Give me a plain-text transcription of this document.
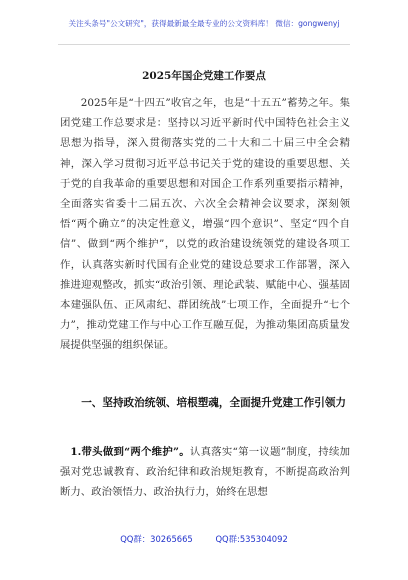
关注头条号"公文研究"，获得最新最全最专业的公文资料库！ 微信：gongwenyj
2025年国企党建工作要点
2025年是“十四五”收官之年，也是“十五五”蓄势之年。集团党建工作总要求是：坚持以习近平新时代中国特色社会主义思想为指导，深入贯彻落实党的二十大和二十届三中全会精神，深入学习贯彻习近平总书记关于党的建设的重要思想、关于党的自我革命的重要思想和对国企工作系列重要指示精神，全面落实省委十二届五次、六次全会精神会议要求，深刻领悟“两个确立”的决定性意义，增强“四个意识”、坚定“四个自信”、做到“两个维护”，以党的政治建设统领党的建设各项工作，认真落实新时代国有企业党的建设总要求工作部署，深入推进迎观整改，抓实“政治引领、理论武装、赋能中心、强基固本建强队伍、正风肃纪、群团统战”七项工作，全面提升“七个力”，推动党建工作与中心工作互融互促，为推动集团高质量发展提供坚强的组织保证。
一、坚持政治统领、培根塑魂，全面提升党建工作引领力
1.带头做到“两个维护”。认真落实“第一议题”制度，持续加强对党忠诚教育、政治纪律和政治规矩教育，不断提高政治判断力、政治领悟力、政治执行力，始终在思想
QQ群：30265665	QQ群:535304092
